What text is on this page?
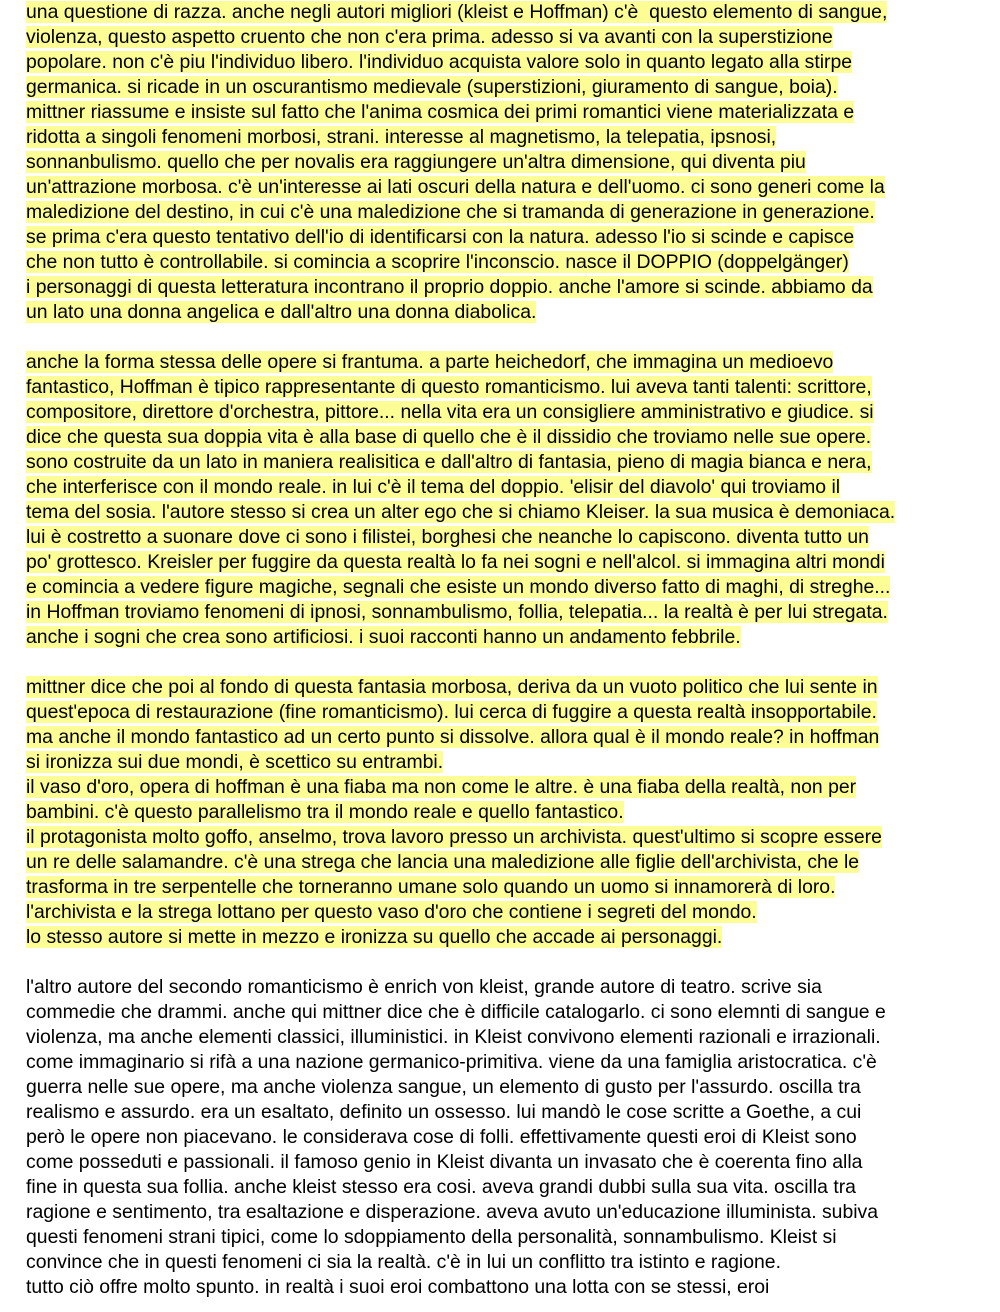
una questione di razza. anche negli autori migliori (kleist e Hoffman) c'è  questo elemento di sangue,
violenza, questo aspetto cruento che non c'era prima. adesso si va avanti con la superstizione
popolare. non c'è piu l'individuo libero. l'individuo acquista valore solo in quanto legato alla stirpe
germanica. si ricade in un oscurantismo medievale (superstizioni, giuramento di sangue, boia).
mittner riassume e insiste sul fatto che l'anima cosmica dei primi romantici viene materializzata e
ridotta a singoli fenomeni morbosi, strani. interesse al magnetismo, la telepatia, ipsnosi,
sonnanbulismo. quello che per novalis era raggiungere un'altra dimensione, qui diventa piu
un'attrazione morbosa. c'è un'interesse ai lati oscuri della natura e dell'uomo. ci sono generi come la
maledizione del destino, in cui c'è una maledizione che si tramanda di generazione in generazione.
se prima c'era questo tentativo dell'io di identificarsi con la natura. adesso l'io si scinde e capisce
che non tutto è controllabile. si comincia a scoprire l'inconscio. nasce il DOPPIO (doppelgänger)
i personaggi di questa letteratura incontrano il proprio doppio. anche l'amore si scinde. abbiamo da
un lato una donna angelica e dall'altro una donna diabolica.
anche la forma stessa delle opere si frantuma. a parte heichedorf, che immagina un medioevo
fantastico, Hoffman è tipico rappresentante di questo romanticismo. lui aveva tanti talenti: scrittore,
compositore, direttore d'orchestra, pittore... nella vita era un consigliere amministrativo e giudice. si
dice che questa sua doppia vita è alla base di quello che è il dissidio che troviamo nelle sue opere.
sono costruite da un lato in maniera realisitica e dall'altro di fantasia, pieno di magia bianca e nera,
che interferisce con il mondo reale. in lui c'è il tema del doppio. 'elisir del diavolo' qui troviamo il
tema del sosia. l'autore stesso si crea un alter ego che si chiamo Kleiser. la sua musica è demoniaca.
lui è costretto a suonare dove ci sono i filistei, borghesi che neanche lo capiscono. diventa tutto un
po' grottesco. Kreisler per fuggire da questa realtà lo fa nei sogni e nell'alcol. si immagina altri mondi
e comincia a vedere figure magiche, segnali che esiste un mondo diverso fatto di maghi, di streghe...
in Hoffman troviamo fenomeni di ipnosi, sonnambulismo, follia, telepatia... la realtà è per lui stregata.
anche i sogni che crea sono artificiosi. i suoi racconti hanno un andamento febbrile.
mittner dice che poi al fondo di questa fantasia morbosa, deriva da un vuoto politico che lui sente in
quest'epoca di restaurazione (fine romanticismo). lui cerca di fuggire a questa realtà insopportabile.
ma anche il mondo fantastico ad un certo punto si dissolve. allora qual è il mondo reale? in hoffman
si ironizza sui due mondi, è scettico su entrambi.
il vaso d'oro, opera di hoffman è una fiaba ma non come le altre. è una fiaba della realtà, non per
bambini. c'è questo parallelismo tra il mondo reale e quello fantastico.
il protagonista molto goffo, anselmo, trova lavoro presso un archivista. quest'ultimo si scopre essere
un re delle salamandre. c'è una strega che lancia una maledizione alle figlie dell'archivista, che le
trasforma in tre serpentelle che torneranno umane solo quando un uomo si innamorerà di loro.
l'archivista e la strega lottano per questo vaso d'oro che contiene i segreti del mondo.
lo stesso autore si mette in mezzo e ironizza su quello che accade ai personaggi.
l'altro autore del secondo romanticismo è enrich von kleist, grande autore di teatro. scrive sia
commedie che drammi. anche qui mittner dice che è difficile catalogarlo. ci sono elemnti di sangue e
violenza, ma anche elementi classici, illuministici. in Kleist convivono elementi razionali e irrazionali.
come immaginario si rifà a una nazione germanico-primitiva. viene da una famiglia aristocratica. c'è
guerra nelle sue opere, ma anche violenza sangue, un elemento di gusto per l'assurdo. oscilla tra
realismo e assurdo. era un esaltato, definito un ossesso. lui mandò le cose scritte a Goethe, a cui
però le opere non piacevano. le considerava cose di folli. effettivamente questi eroi di Kleist sono
come posseduti e passionali. il famoso genio in Kleist divanta un invasato che è coerenta fino alla
fine in questa sua follia. anche kleist stesso era cosi. aveva grandi dubbi sulla sua vita. oscilla tra
ragione e sentimento, tra esaltazione e disperazione. aveva avuto un'educazione illuminista. subiva
questi fenomeni strani tipici, come lo sdoppiamento della personalità, sonnambulismo. Kleist si
convince che in questi fenomeni ci sia la realtà. c'è in lui un conflitto tra istinto e ragione.
tutto ciò offre molto spunto. in realtà i suoi eroi combattono una lotta con se stessi, eroi
